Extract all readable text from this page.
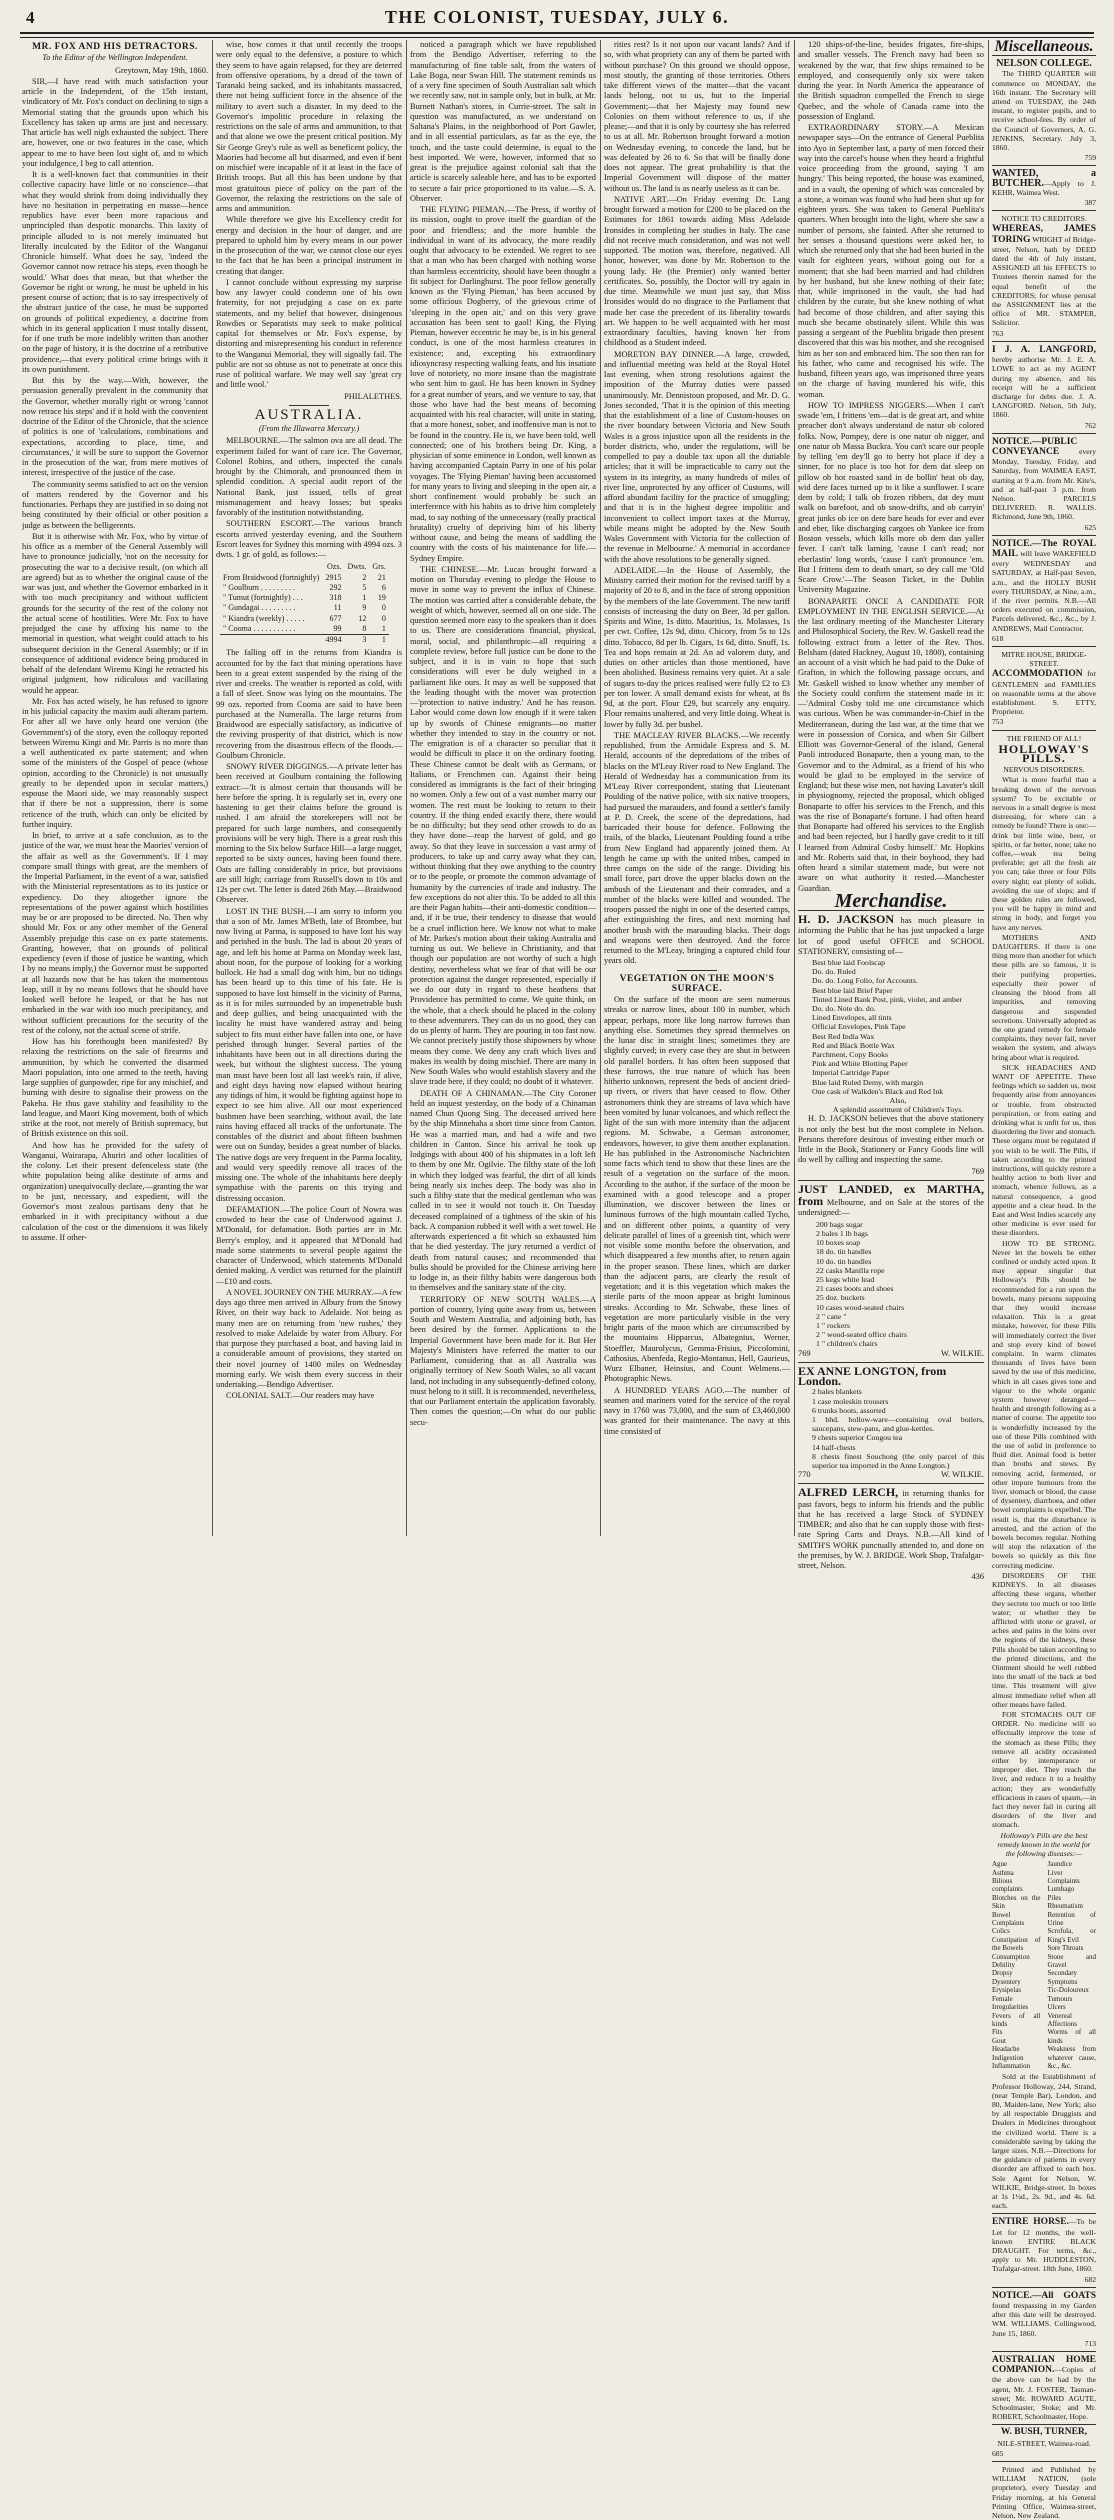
4	THE COLONIST, TUESDAY, JULY 6.
MR. FOX AND HIS DETRACTORS.
To the Editor of the Wellington Independent.

Greytown, May 19th, 1860.

SIR,—I have read with much satisfaction your article in the Independent, of the 15th instant, vindicatory of Mr. Fox's conduct on declining to sign a Memorial stating that the grounds upon which his Excellency has taken up arms are just and necessary. That article has well nigh exhausted the subject. There are, however, one or two features in the case, which appear to me to have been lost sight of, and to which your indulgence, I beg to call attention.

It is a well-known fact that communities in their collective capacity have little or no conscience—that what they would shrink from doing individually they have no hesitation in perpetrating en masse—hence republics have ever been more rapacious and unprincipled than despotic monarchs. This laxity of principle alluded to is not merely insinuated but literally inculcated by the Editor of the Wanganui Chronicle himself. What does he say, 'indeed the Governor cannot now retrace his steps, even though he would.' What does that mean, but that whether the Governor be right or wrong, he must be upheld in his present course of action; that is to say irrespectively of the abstract justice of the case, he must be supported on grounds of political expediency, a doctrine from which in its general application I must totally dissent, for if one truth be more indelibly written than another on the page of history, it is the doctrine of a retributive providence,—that every political crime brings with it its own punishment.

But this by the way.—With, however, the persuasion generally prevalent in the community that the Governor, whether morally right or wrong 'cannot now retrace his steps' and if it hold with the convenient doctrine of the Editor of the Chronicle, that the science of politics is one of 'calculations, combinations and expectations, according to place, time, and circumstances,' it will be sure to support the Governor in the prosecution of the war, from mere motives of interest, irrespective of the justice of the case.

The community seems satisfied to act on the version of matters rendered by the Governor and his functionaries. Perhaps they are justified in so doing not being constituted by their official or other position a judge as between the belligerents.

But it is otherwise with Mr. Fox, who by virtue of his office as a member of the General Assembly will have to pronounce judicially, 'not on the necessity for prosecuting the war to a decisive result, (on which all are agreed) but as to whether the original cause of the war was just, and whether the Governor embarked in it with too much precipitancy and without sufficient grounds for the security of the rest of the colony not the actual scene of hostilities. Were Mr. Fox to have prejudged the case by affixing his name to the memorial in question, what weight could attach to his subsequent decision in the General Assembly; or if in consequence of additional evidence being produced in behalf of the defendant Wiremu Kingi he retracted his original judgment, how ridiculous and vacillating would he appear.

Mr. Fox has acted wisely, he has refused to ignore in his judicial capacity the maxim audi alteram partem. For after all we have only heard one version (the Government's) of the story, even the colloquy reported between Wiremu Kingi and Mr. Parris is no more than a well authenticated ex parte statement; and when some of the ministers of the Gospel of peace (whose opinion, according to the Chronicle) is not unusually greatly to be depended upon in secular matters,) espouse the Maori side, we may reasonably suspect that if there be not a suppression, there is some reticence of the truth, which can only be elicited by further inquiry.

In brief, to arrive at a safe conclusion, as to the justice of the war, we must hear the Maories' version of the affair as well as the Government's. If I may compare small things with great, are the members of the Imperial Parliament, in the event of a war, satisfied with the Ministerial representations as to its justice or expediency. Do they altogether ignore the representations of the power against which hostilities may be or are proposed to be directed. No. Then why should Mr. Fox or any other member of the General Assembly prejudge this case on ex parte statements. Granting, however, that on grounds of political expediency (even if those of justice be wanting, which I by no means imply,) the Governor must be supported at all hazards now that he has taken the momentous leap, still it by no means follows that he should have looked well before he leaped, or that he has not embarked in the war with too much precipitancy, and without sufficient precautions for the security of the rest of the colony, not the actual scene of strife.

How has his forethought been manifested? By relaxing the restrictions on the sale of firearms and ammunition, by which he converted the disarmed Maori population, into one armed to the teeth, having large supplies of gunpowder, ripe for any mischief, and burning with desire to signalise their prowess on the Pakeha. He thus gave stability and feasibility to the land league, and Maori King movement, both of which strike at the root, not merely of British supremacy, but of British existence on this soil.

And how has he provided for the safety of Wanganui, Wairarapa, Ahuriri and other localities of the colony. Let their present defenceless state (the white population being alike destitute of arms and organization) unequivocally declare,—granting the war to be just, necessary, and expedient, will the Governor's most zealous partisans deny that he embarked in it with precipitancy without a due calculation of the cost or the dimensions it was likely to assume. If other-

wise, how comes it that until recently the troops were only equal to the defensive, a posture to which they seem to have again relapsed, for they are deterred from offensive operations, by a dread of the town of Taranaki being sacked, and its inhabitants massacred, there not being sufficient force in the absence of the military to avert such a disaster. In my deed to the Governor's impolitic procedure in relaxing the restrictions on the sale of arms and ammunition, to that and that alone we owe the present critical position. My Sir George Grey's rule as well as beneficent policy, the Maories had become all but disarmed, and even if bent on mischief were incapable of it at least in the face of British troops. But all this has been undone by that most gratuitous piece of policy on the part of the Governor, the relaxing the restrictions on the sale of arms and ammunition.

While therefore we give his Excellency credit for energy and decision in the hour of danger, and are prepared to uphold him by every means in our power in the prosecution of the war, we cannot close our eyes to the fact that he has been a principal instrument in creating that danger.

I cannot conclude without expressing my surprise how any lawyer could condemn one of his own fraternity, for not prejudging a case on ex parte statements, and my belief that however, disingenous Rowdies or Separatists may seek to make political capital for themselves or Mr. Fox's expense, by distorting and misrepresenting his conduct in reference to the Wanganui Memorial, they will signally fail. The public are not so obtuse as not to penetrate at once this ruse of political warfare. We may well say 'great cry and little wool.'

PHILALETHES.

AUSTRALIA.
(From the Illawarra Mercury.)

MELBOURNE.—The salmon ova are all dead. The experiment failed for want of care ice. The Governor, Colonel Robins, and others, inspected the canals brought by the Chimorah, and pronounced them in splendid condition. A special audit report of the National Bank, just issued, tells of great mismanagement and heavy losses; but speaks favorably of the institution notwithstanding.

SOUTHERN ESCORT.—The various branch escorts arrived yesterday evening, and the Southern Escort leaves for Sydney this morning with 4994 ozs. 3 dwts. 1 gr. of gold, as follows:—

	Ozs.	Dwts.	Grs.
From Braidwood (fortnightly)	2915	2	21
" Goulburn . . . . . . . . .	292	5	6
" Tumut (fortnightly) . . .	318	1	19
" Gundagai . . . . . . . . .	11	9	0
" Kiandra (weekly) . . . . .	677	12	0
" Cooma . . . . . . . . . . .	99	8	1
	4994	3	1

The falling off in the returns from Kiandra is accounted for by the fact that mining operations have been to a great extent suspended by the rising of the river and creeks. The weather is reported as cold, with a fall of sleet. Snow was lying on the mountains. The 99 ozs. reported from Cooma are said to have been purchased at the Numeralla. The large returns from Braidwood are especially satisfactory, as indicative of the reviving prosperity of that district, which is now recovering from the disastrous effects of the floods.—Goulburn Chronicle.

SNOWY RIVER DIGGINGS.—A private letter has been received at Goulburn containing the following extract:—'It is almost certain that thousands will be here before the spring. It is regularly set in, every one hastening to get their claims before the ground is rushed. I am afraid the storekeepers will not be prepared for such large numbers, and consequently provisions will be very high. There is a great rush this morning to the Six below Surface Hill—a large nugget, reported to be sixty ounces, having been found there. Oats are falling considerably in price, but provisions are still high; carriage from Russell's down to 10s and 12s per cwt. The letter is dated 26th May.—Braidwood Observer.

LOST IN THE BUSH.—I am sorry to inform you that a son of Mr. James M'Beth, late of Brombee, but now living at Parma, is supposed to have lost his way and perished in the bush. The lad is about 20 years of age, and left his home at Parma on Monday week last, about noon, for the purpose of looking for a working bullock. He had a small dog with him, but no tidings has been heard up to this time of his fate. He is supposed to have lost himself in the vicinity of Parma, as it is for miles surrounded by an impenetrable bush and deep gullies, and being unacquainted with the locality he must have wandered astray and being subject to fits must either have fallen into one, or have perished through hunger. Several parties of the inhabitants have been out in all directions during the week, but without the slightest success. The young man must have been lost all last week's rain, if alive, and eight days having now elapsed without hearing any tidings of him, it would be fighting against hope to expect to see him alive. All our most experienced bushmen have been searching, without avail, the late rains having effaced all tracks of the unfortunate. The constables of the district and about fifteen bushmen were out on Sunday, besides a great number of blacks. The native dogs are very frequent in the Parma locality, and would very speedily remove all traces of the missing one. The whole of the inhabitants here deeply sympathise with the parents on this trying and distressing occasion.

DEFAMATION.—The police Court of Nowra was crowded to hear the case of Underwood against J. M'Donald, for defamation. Both parties are in Mr. Berry's employ, and it appeared that M'Donald had made some statements to several people against the character of Underwood, which statements M'Donald denied making. A verdict was returned for the plaintiff—£10 and costs.

A NOVEL JOURNEY ON THE MURRAY.—A few days ago three men arrived in Albury from the Snowy River, on their way back to Adelaide. Not being as many men are on returning from 'new rushes,' they resolved to make Adelaide by water from Albury. For that purpose they purchased a boat, and having laid in a considerable amount of provisions, they started on their novel journey of 1400 miles on Wednesday morning early. We wish them every success in their undertaking.—Bendigo Advertiser.

COLONIAL SALT.—Our readers may have

noticed a paragraph which we have republished from the Bendigo Advertiser, referring to the manufacturing of fine table salt, from the waters of Lake Boga, near Swan Hill. The statement reminds us of a very fine specimen of South Australian salt which we recently saw, not in sample only, but in bulk, at Mr. Burnett Nathan's stores, in Currie-street. The salt in question was manufactured, as we understand on Saltana's Plains, in the neighborhood of Port Gawler, and in all essential particulars, as far as the eye, the touch, and the taste could determine, is equal to the best imported. We were, however, informed that so great is the prejudice against colonial salt that the article is scarcely saleable here, and has to be exported to secure a fair price proportioned to its value.—S. A. Observer.

THE FLYING PIEMAN.—The Press, if worthy of its mission, ought to prove itself the guardian of the poor and friendless; and the more humble the individual in want of its advocacy, the more readily ought that advocacy to be extended. We regret to see that a man who has been charged with nothing worse than harmless eccentricity, should have been thought a fit subject for Darlinghurst. The poor fellow generally known as the 'Flying Pieman,' has been accused by some officious Dogberry, of the grievous crime of 'sleeping in the open air,' and on this very grave accusation has been sent to gaol! King, the Flying Pieman, however eccentric he may be, is in his general conduct, is one of the most harmless creatures in existence; and, excepting his extraordinary idiosyncrasy respecting walking feats, and his insatiate love of notoriety, no more insane than the magistrate who sent him to gaol. He has been known in Sydney for a great number of years, and we venture to say, that those who have had the best means of becoming acquainted with his real character, will unite in stating, that a more honest, sober, and inoffensive man is not to be found in the country. He is, we have been told, well connected; one of his brothers being Dr. King, a physician of some eminence in London, well known as having accompanied Captain Parry in one of his polar voyages. The 'Flying Pieman' having been accustomed for many years to living and sleeping in the open air, a short confinement would probably be such an interference with his habits as to drive him completely mad, to say nothing of the unnecessary (really practical brutality) cruelty of depriving him of his liberty without cause, and being the means of saddling the country with the costs of his maintenance for life.—Sydney Empire.

THE CHINESE.—Mr. Lucas brought forward a motion on Thursday evening to pledge the House to move in some way to prevent the influx of Chinese. The motion was carried after a considerable debate, the weight of which, however, seemed all on one side. The question seemed more easy to the speakers than it does to us. There are considerations financial, physical, moral, social, and philanthropic—all requiring a complete review, before full justice can be done to the subject, and it is in vain to hope that such considerations will ever be duly weighed in a parliament like ours. It may as well be supposed that the leading thought with the mover was protection—'protection to native industry.' And he has reason. Labor would come down low enough if it were taken up by swords of Chinese emigrants—no matter whether they intended to stay in the country or not. The emigration is of a character so peculiar that it would be difficult to place it on the ordinary footing. These Chinese cannot be dealt with as Germans, or Italians, or Frenchmen can. Against their being considered as immigrants is the fact of their bringing no women. Only a few out of a vast number marry our women. The rest must be looking to return to their country. If the thing ended exactly there, there would be no difficulty; but they send other crowds to do as they have done—reap the harvest of gold, and go away. So that they leave in succession a vast army of producers, to take up and carry away what they can, without thinking that they owe anything to the country or to the people, or promote the common advantage of humanity by the currencies of trade and industry. The few exceptions do not alter this. To be added to all this are their Pagan habits—their anti-domestic condition—and, if it be true, their tendency to disease that would be a cruel infliction here. We know not what to make of Mr. Parkes's motion about their taking Australia and turning us out. We believe in Christianity, and that though our population are not worthy of such a high destiny, nevertheless what we fear of that will be our protection against the danger represented, especially if we do our duty in regard to these heathens that Providence has permitted to come. We quite think, on the whole, that a check should be placed in the colony to these adventurers. They can do us no good, they can do us plenty of harm. They are pouring in too fast now. We cannot precisely justify those shipowners by whose means they come. We deny any craft which lives and makes its wealth by doing mischief. There are many in New South Wales who would establish slavery and the slave trade here, if they could; no doubt of it whatever.

DEATH OF A CHINAMAN.—The City Coroner held an inquest yesterday, on the body of a Chinaman named Chun Quong Sing. The deceased arrived here by the ship Minnehaha a short time since from Canton. He was a married man, and had a wife and two children in Canton. Since his arrival he took up lodgings with about 400 of his shipmates in a loft left to them by one Mr. Ogilvie. The filthy state of the loft in which they lodged was fearful, the dirt of all kinds being nearly six inches deep. The body was also in such a filthy state that the medical gentleman who was called in to see it would not touch it. On Tuesday deceased complained of a tightness of the skin of his back. A companion rubbed it well with a wet towel. He afterwards experienced a fit which so exhausted him that he died yesterday. The jury returned a verdict of death from natural causes; and recommended that bulks should be provided for the Chinese arriving here to lodge in, as their filthy habits were dangerous both to themselves and the sanitary state of the city.

TERRITORY OF NEW SOUTH WALES.—A portion of country, lying quite away from us, between South and Western Australia, and adjoining both, has been desired by the former. Applications to the Imperial Government have been made for it. But Her Majesty's Ministers have referred the matter to our Parliament, considering that as all Australia was originally territory of New South Wales, so all vacant land, not including in any subsequently-defined colony, must belong to it still. It is recommended, nevertheless, that our Parliament entertain the application favorably. Then comes the question;—On what do our public secu-

rities rest? Is it not upon our vacant lands? And if so, with what propriety can any of them be parted with without purchase? On this ground we should oppose, most stoutly, the granting of those territories. Others take different views of the matter—that the vacant lands belong, not to us, but to the Imperial Government;—that her Majesty may found new Colonies on them without reference to us, if she please;—and that it is only by courtesy she has referred to us at all. Mr. Robertson brought forward a motion on Wednesday evening, to concede the land, but he was defeated by 26 to 6. So that will be finally done does not appear. The great probability is that the Imperial Government will dispose of the matter without us. The land is as nearly useless as it can be.

NATIVE ART.—On Friday evening Dr. Lang brought forward a motion for £200 to be placed on the Estimates for 1861 towards aiding Miss Adelaide Ironsides in completing her studies in Italy. The case did not receive much consideration, and was not well supported. The motion was, therefore, negatived. All honor, however, was done by Mr. Robertson to the young lady. He (the Premier) only wanted better certificates. So, possibly, the Doctor will try again in due time. Meanwhile we must just say, that Miss Ironsides would do no disgrace to the Parliament that made her case the precedent of its liberality towards art. We happen to be well acquainted with her most extraordinary faculties, having known her from childhood as a Student indeed.

MORETON BAY DINNER.—A large, crowded, and influential meeting was held at the Royal Hotel last evening, when strong resolutions against the imposition of the Murray duties were passed unanimously. Mr. Dennistoun proposed, and Mr. D. G. Jones seconded, 'That it is the opinion of this meeting that the establishment of a line of Custom-houses on the river boundary between Victoria and New South Wales is a gross injustice upon all the residents in the border districts, who, under the regulations, will be compelled to pay a double tax upon all the dutiable articles; that it will be impracticable to carry out the system in its integrity, as many hundreds of miles of river line, unprotected by any officer of Customs, will afford abundant facility for the practice of smuggling; and that it is in the highest degree impolitic and inconvenient to collect import taxes at the Murray, while means might be adopted by the New South Wales Government with Victoria for the collection of the revenue in Melbourne.' A memorial in accordance with the above resolutions to be generally signed.

ADELAIDE.—In the House of Assembly, the Ministry carried their motion for the revised tariff by a majority of 20 to 8, and in the face of strong opposition by the members of the late Government. The new tariff consists of increasing the duty on Beer, 3d per gallon. Spirits and Wine, 1s ditto. Mauritius, 1s. Molasses, 1s per cwt. Coffee, 12s 9d, ditto. Chicory, from 5s to 12s ditto. Tobacco, 8d per lb. Cigars, 1s 6d, ditto. Snuff, 1s. Tea and hops remain at 2d. An ad valorem duty, and duties on other articles than those mentioned, have been abolished. Business remains very quiet. At a sale of sugars to-day the prices realised were fully £2 to £3 per ton lower. A small demand exists for wheat, at 8s 9d, at the port. Flour £29, but scarcely any enquiry. Flour remains unaltered, and very little doing. Wheat is lower by fully 3d. per bushel.

THE MACLEAY RIVER BLACKS.—We recently republished, from the Armidale Express and S. M. Herald, accounts of the depredations of the tribes of blacks on the M'Leay River road to New England. The Herald of Wednesday has a communication from its M'Leay River correspondent, stating that Lieutenant Poulding of the native police, with six native troopers, had pursued the marauders, and found a settler's family at P. D. Creek, the scene of the depredations, had barricaded their house for defence. Following the trails, of the blacks, Lieutenant Poulding found a tribe from New England had apparently joined them. At length he came up with the united tribes, camped in three camps on the side of the range. Dividing his small force, part drove the upper blacks down on the ambush of the Lieutenant and their comrades, and a number of the blacks were killed and wounded. The troopers passed the night in one of the deserted camps, after extinguishing the fires, and next morning had another brush with the marauding blacks. Their dogs and weapons were then destroyed. And the force returned to the M'Leay, bringing a captured child four years old.

VEGETATION ON THE MOON'S SURFACE.

On the surface of the moon are seen numerous streaks or narrow lines, about 100 in number, which appear, perhaps, more like long narrow furrows than anything else. Sometimes they spread themselves on the lunar disc in straight lines; sometimes they are slightly curved; in every case they are shut in between old parallel borders. It has often been supposed that these furrows, the true nature of which has been hitherto unknown, represent the beds of ancient dried-up rivers, or rivers that have ceased to flow. Other astronomers think they are streams of lava which have been vomited by lunar volcanoes, and which reflect the light of the sun with more intensity than the adjacent regions. M. Schwabe, a German astronomer, endeavors, however, to give them another explanation. He has published in the Astronomische Nachrichten some facts which tend to show that these lines are the result of a vegetation on the surface of the moon. According to the author, if the surface of the moon be examined with a good telescope and a proper illumination, we discover between the lines or luminous furrows of the high mountain called Tycho, and on different other points, a quantity of very delicate parallel of lines of a greenish tint, which were not visible some months before the observation, and which disappeared a few months after, to return again in the proper season. These lines, which are darker than the adjacent parts, are clearly the result of vegetation; and it is this vegetation which makes the sterile parts of the moon appear as bright luminous streaks. According to Mr. Schwabe, these lines of vegetation are more particularly visible in the very bright parts of the moon which are circumscribed by the mountains Hipparcus, Albategnius, Werner, Stoeffler, Maurolycus, Gemma-Frisius, Piccolomini, Cathosius, Abenfeda, Regio-Montanus, Hell, Gaurieus, Wurz Elbaner, Heinsius, and Count Welmens.—Photographic News.

A HUNDRED YEARS AGO.—The number of seamen and mariners voted for the service of the royal navy in 1760 was 73,000, and the sum of £3,460,000 was granted for their maintenance. The navy at this time consisted of

120 ships-of-the-line, besides frigates, fire-ships, and smaller vessels. The French navy had been so weakened by the war, that few ships remained to be employed, and consequently only six were taken during the year. In North America the appearance of the British squadron compelled the French to siege Quebec, and the whole of Canada came into the possession of England.

EXTRAORDINARY STORY.—A Mexican newspaper says—On the entrance of General Pueblita into Ayo in September last, a party of men forced their way into the carcel's house when they heard a frightful voice proceeding from the ground, saying 'I am hungry.' This being reported, the house was examined, and in a vault, the opening of which was concealed by a stone, a woman was found who had been shut up for eighteen years. She was taken to General Pueblita's quarters. When brought into the light, where she saw a number of persons, she fainted. After she returned to her senses a thousand questions were asked her, to which she returned only that she had been buried in the vault for eighteen years, without going out for a moment; that she had been married and had children by her husband, but she knew nothing of their fate; that, while imprisoned in the vault, she had had children by the curate, but she knew nothing of what had become of those children, and after saying this much she became obstinately silent. While this was passing a sergeant of the Pueblita brigade then present discovered that this was his mother, and she recognised him as her son and embraced him. The son then ran for his father, who came and recognised his wife. The husband, fifteen years ago, was imprisoned three years on the charge of having murdered his wife, this woman.

HOW TO IMPRESS NIGGERS.—When I can't swade 'em, I frittens 'em—dat is de great art, and white preacher don't always understand de natur ob colored folks. Now, Pompey, dere is one natur ob nigger, and one natur ob Massa Buckra. You can't scare our people by telling 'em dey'll go to berry hot place if dey a sinner, for no place is too hot for dem dat sleep on pillow ob hot roasted sand in de bollin' heat ob day, wid dere faces turned up to it like a sunflower. I scare dem by cold; I talk ob frozen ribbers, dat dey must walk on barefoot, and ob snow-drifts, and ob carryin' great junks ob ice on dere bare heads for ever and ever and eber, like discharging cargoes ob Yankee ice from Boston vessels, which kills more ob dem dan yaller fever. I can't talk larning, 'cause I can't read; nor eberlastin' long words, 'cause I can't pronounce 'em. But I frittens dem to death smart, so dey call me 'Old Scare Crow.'—The Season Ticket, in the Dublin University Magazine.

BONAPARTE ONCE A CANDIDATE FOR EMPLOYMENT IN THE ENGLISH SERVICE.—At the last ordinary meeting of the Manchester Literary and Philosophical Society, the Rev. W. Gaskell read the following extract from a letter of the Rev. Thos. Belsham (dated Hackney, August 10, 1800), containing an account of a visit which he had paid to the Duke of Grafton, in which the following passage occurs, and Mr. Gaskell wished to know whether any member of the Society could confirm the statement made in it:—'Admiral Cosby told me one circumstance which was curious. When he was commander-in-Chief in the Mediterranean, during the last war, at the time that we were in possession of Corsica, and when Sir Gilbert Elliott was Governor-General of the island, General Paoli introduced Bonaparte, then a young man, to the Governor and to the Admiral, as a friend of his who would be glad to be employed in the service of England; but these wise men, not having Lavater's skill in physiognomy, rejected the proposal, which obliged Bonaparte to offer his services to the French, and this was the rise of Bonaparte's fortune. I had often heard that Bonaparte had offered his services to the English and had been rejected, but I hardly gave credit to it till I learned from Admiral Cosby himself.' Mr. Hopkins and Mr. Roberts said that, in their boyhood, they had often heard a similar statement made, but were not aware on what authority it rested.—Manchester Guardian.

Merchandise.

H. D. JACKSON has much pleasure in informing the Public that he has just unpacked a large lot of good useful OFFICE and SCHOOL STATIONERY, consisting of—

Best blue laid Foolscap
Do. do. Ruled
Do. do. Long Folio, for Accounts.
Best blue laid Brief Paper
Tinted Lined Bank Post, pink, violet, and amber
Do. do. Note do. do.
Lined Envelopes, all tints
Official Envelopes, Pink Tape
Best Red India Wax
Red and Black Bottle Wax
Parchment, Copy Books
Pink and White Blotting Paper
Imperial Cartridge Paper
Blue laid Ruled Demy, with margin
One cask of Walkden's Black and Red Ink
Also,
A splendid assortment of Children's Toys.

H. D. JACKSON believes that the above stationery is not only the best but the most complete in Nelson. Persons therefore desirous of investing either much or little in the Book, Stationery or Fancy Goods line will do well by calling and inspecting the same.

769

JUST LANDED, ex MARTHA, from Melbourne, and on Sale at the stores of the undersigned:—

200 bags sugar
2 bales 1 lb bags
10 boxes soap
18 do. tin handles
10 do. tin handles
22 casks Manilla rope
25 kegs white lead
21 cases boots and shoes
25 doz. buckets
10 cases wood-seated chairs
2 " cane "
1 " rockers
2 " wood-seated office chairs
1 " children's chairs

769	W. WILKIE.

EX ANNE LONGTON, from London.

2 bales blankets
1 case moleskin trousers
6 trunks boots, assorted
1 bhd. hollow-ware—containing oval boilers, saucepans, stew-pans, and glue-kettles.
9 chests superior Congou tea
14 half-chests
8 chests finest Souchong (the only parcel of this superior tea imported in the Anne Longton.)

770	W. WILKIE.

ALFRED LERCH, in returning thanks for past favors, begs to inform his friends and the public that he has received a large Stock of SYDNEY TIMBER; and also that he can supply those with first-rate Spring Carts and Drays. N.B.—All kind of SMITH'S WORK punctually attended to, and done on the premises, by W. J. BRIDGE. Work Shop, Trafalgar-street, Nelson.

436

Miscellaneous.

NELSON COLLEGE.

The THIRD QUARTER will commence on MONDAY, the 16th instant. The Secretary will attend on TUESDAY, the 24th instant, to register pupils, and to receive school-fees. By order of the Council of Governors, A. G. JENKINS, Secretary. July 3, 1860.

759

WANTED, a BUTCHER.—Apply to J. KEHR, Waimea West.

387

NOTICE TO CREDITORS.

WHEREAS, JAMES TORING WRIGHT of Bridge-street, Nelson, hath by DEED dated the 4th of July instant, ASSIGNED all his EFFECTS to Trustees therein named for the equal benefit of the CREDITORS; for whose perusal the ASSIGNMENT lies at the office of MR. STAMPER, Solicitor.

763

I J. A. LANGFORD, hereby authorise Mr. J. E. A. LOWE to act as my AGENT during my absence, and his receipt will be a sufficient discharge for debts due. J. A. LANGFORD. Nelson, 5th July, 1860.

762

NOTICE.—PUBLIC CONVEYANCE	every Monday, Tuesday, Friday, and Saturday, from WAIMEA EAST, starting at 9 a.m. from Mr. Kite's, and at half-past 3 p.m. from Nelson. PARCELS DELIVERED. R. WALLIS. Richmond, June 9th, 1860.

625

NOTICE.—The ROYAL MAIL will leave WAKEFIELD every WEDNESDAY and SATURDAY, at Half-past Seven, a.m., and the HOLLY BUSH every THURSDAY, at Nine, a.m., if the river permits. N.B.—All orders executed on commission, Parcels delivered, &c., &c., by J. ANDREWS, Mail Contractor.

618

MITRE HOUSE, BRIDGE-STREET.

ACCOMMODATION for GENTLEMEN and FAMILIES on reasonable terms at the above establishment. S. ETTY, Proprietor.

753

THE FRIEND OF ALL!

HOLLOWAY'S PILLS.

NERVOUS DISORDERS.

What is more fearful than a breaking down of the nervous system? To be excitable or nervous in a small degree is most distressing, for where can a remedy be found? There is one:—drink but little wine, beer, or spirits, or far better, none; take no coffee,—weak tea being preferable; get all the fresh air you can; take three or four Pills every night; eat plenty of solids, avoiding the use of slops; and if these golden rules are followed, you will be happy in mind and strong in body, and forget you have any nerves.

MOTHERS AND DAUGHTERS. If there is one thing more than another for which these pills are so famous, it is their purifying properties, especially their power of cleansing the blood from all impurities, and removing dangerous and suspended secretions. Universally adopted as the one grand remedy for female complaints, they never fail, never weaken the system, and always bring about what is required.

SICK HEADACHES AND WANT OF APPETITE. These feelings which so sadden us, most frequently arise from annoyances or trouble, from obstructed perspiration, or from eating and drinking what is unfit for us, thus disordering the liver and stomach. These organs must be regulated if you wish to be well. The Pills, if taken according to the printed instructions, will quickly restore a healthy action to both liver and stomach, whence follows, as a natural consequence, a good appetite and a clear head. In the East and West Indies scarcely any other medicine is ever used for these disorders.

HOW TO BE STRONG. Never let the bowels be either confined or unduly acted upon. It may appear singular that Holloway's Pills should be recommended for a run upon the bowels, many persons supposing that they would increase relaxation. This is a great mistake, however, for these Pills will immediately correct the liver and stop every kind of bowel complaint. In warm climates thousands of lives have been saved by the use of this medicine, which in all cases gives tone and vigour to the whole organic system however deranged—health and strength following as a matter of course. The appetite too is wonderfully increased by the use of these Pills combined with the use of solid in preference to fluid diet. Animal food is better than broths and stews. By removing acrid, fermented, or other impure humours from the liver, stomach or blood, the cause of dysentery, diarrhoea, and other bowel complaints is expelled. The result is, that the disturbance is arrested, and the action of the bowels becomes regular. Nothing will stop the relaxation of the bowels so quickly as this fine correcting medicine.

DISORDERS OF THE KIDNEYS. In all diseases affecting these organs, whether they secrete too much or too little water; or whether they be afflicted with stone or gravel, or aches and pains in the loins over the regions of the kidneys, these Pills should be taken according to the printed directions, and the Ointment should be well rubbed into the small of the back at bed time. This treatment will give almost immediate relief when all other means have failed.

FOR STOMACHS OUT OF ORDER. No medicine will so effectually improve the tone of the stomach as these Pills; they remove all acidity occasioned either by intemperance or improper diet. They reach the liver, and reduce it to a healthy action; they are wonderfully efficacious in cases of spasm,—in fact they never fail in curing all disorders of the liver and stomach.

Holloway's Pills are the best remedy known in the world for the following diseases:—

Ague
Asthma
Bilious complaints
Blotches on the Skin
Bowel Complaints
Colics
Constipation of the Bowels
Consumption
Debility
Dropsy
Dysentery
Erysipelas
Female Irregularities
Fevers of all kinds
Fits
Gout
Headache
Indigestion
Inflammation
Jaundice
Liver Complaints
Lumbago
Piles
Rheumatism
Retention of Urine
Scrofula, or King's Evil
Sore Throats
Stone and Gravel
Secondary Symptoms
Tic-Doloureux
Tumours
Ulcers
Venereal Affections
Worms of all kinds
Weakness from whatever cause, &c., &c.

Sold at the Establishment of Professor Holloway, 244, Strand, (near Temple Bar), London, and 80, Maiden-lane, New York; also by all respectable Druggists and Dealers in Medicines throughout the civilized world. There is a considerable saving by taking the larger sizes. N.B.—Directions for the guidance of patients in every disorder are affixed to each box. Sole Agent for Nelson, W. WILKIE, Bridge-street. In boxes at 1s 1½d., 2s. 9d., and 4s. 6d. each.

ENTIRE HORSE.—To be Let for 12 months, the well-known ENTIRE BLACK DRAUGHT. For terms, &c., apply to Mr. HUDDLESTON, Trafalgar-street. 18th June, 1860.

682

NOTICE.—All GOATS found trespassing in my Garden after this date will be destroyed. WM. WILLIAMS. Collingwood, June 15, 1860.

713

AUSTRALIAN HOME COMPANION.—Copies of the above can be had by the agent, Mr. J. FOSTER, Tasman-street; Mr. ROWARD AGUTE, Schoolmaster, Stoke; and Mr. ROBERT, Schoolmaster, Hope.

W. BUSH, TURNER,

NILE-STREET, Waimea-road.

685

Printed and Published by WILLIAM NATION, (sole proprietor), every Tuesday and Friday morning, at his General Printing Office, Waimea-street, Nelson, New Zealand.
